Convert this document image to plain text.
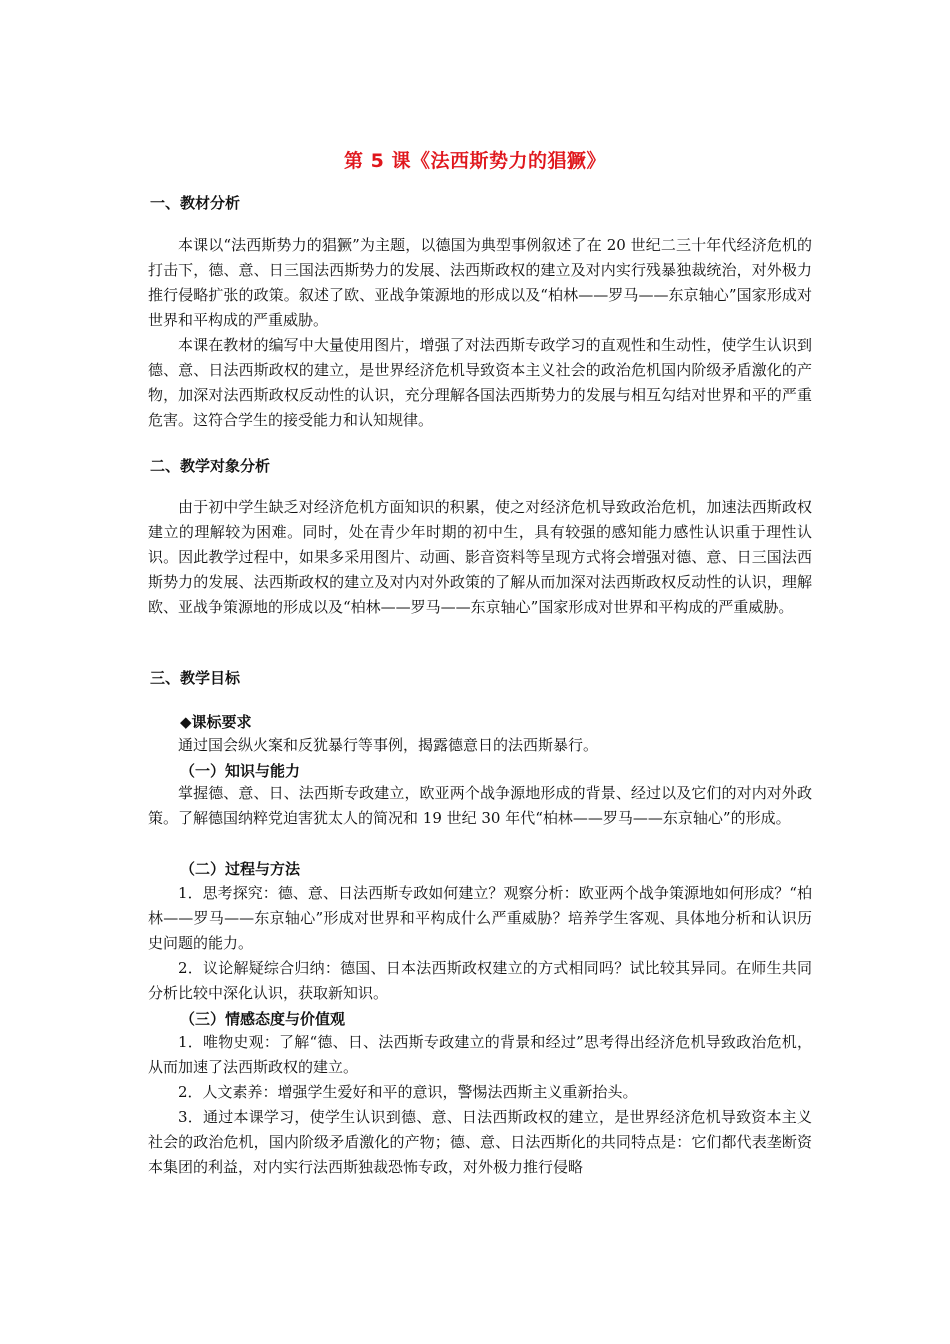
第 5 课《法西斯势力的猖獗》
一、教材分析
本课以“法西斯势力的猖獗”为主题，以德国为典型事例叙述了在 20 世纪二三十年代经济危机的打击下，德、意、日三国法西斯势力的发展、法西斯政权的建立及对内实行残暴独裁统治，对外极力推行侵略扩张的政策。叙述了欧、亚战争策源地的形成以及“柏林——罗马——东京轴心”国家形成对世界和平构成的严重威胁。
本课在教材的编写中大量使用图片，增强了对法西斯专政学习的直观性和生动性，使学生认识到德、意、日法西斯政权的建立，是世界经济危机导致资本主义社会的政治危机国内阶级矛盾激化的产物，加深对法西斯政权反动性的认识，充分理解各国法西斯势力的发展与相互勾结对世界和平的严重危害。这符合学生的接受能力和认知规律。
二、教学对象分析
由于初中学生缺乏对经济危机方面知识的积累，使之对经济危机导致政治危机，加速法西斯政权建立的理解较为困难。同时，处在青少年时期的初中生，具有较强的感知能力感性认识重于理性认识。因此教学过程中，如果多采用图片、动画、影音资料等呈现方式将会增强对德、意、日三国法西斯势力的发展、法西斯政权的建立及对内对外政策的了解从而加深对法西斯政权反动性的认识，理解欧、亚战争策源地的形成以及“柏林——罗马——东京轴心”国家形成对世界和平构成的严重威胁。
三、教学目标
◆课标要求
通过国会纵火案和反犹暴行等事例，揭露德意日的法西斯暴行。
（一）知识与能力
掌握德、意、日、法西斯专政建立，欧亚两个战争源地形成的背景、经过以及它们的对内对外政策。了解德国纳粹党迫害犹太人的简况和 19 世纪 30 年代“柏林——罗马——东京轴心”的形成。
（二）过程与方法
1．思考探究：德、意、日法西斯专政如何建立？观察分析：欧亚两个战争策源地如何形成？“柏林——罗马——东京轴心”形成对世界和平构成什么严重威胁？培养学生客观、具体地分析和认识历史问题的能力。
2．议论解疑综合归纳：德国、日本法西斯政权建立的方式相同吗？试比较其异同。在师生共同分析比较中深化认识，获取新知识。
（三）情感态度与价值观
1．唯物史观：了解“德、日、法西斯专政建立的背景和经过”思考得出经济危机导致政治危机，从而加速了法西斯政权的建立。
2．人文素养：增强学生爱好和平的意识，警惕法西斯主义重新抬头。
3．通过本课学习，使学生认识到德、意、日法西斯政权的建立，是世界经济危机导致资本主义社会的政治危机，国内阶级矛盾激化的产物；德、意、日法西斯化的共同特点是：它们都代表垄断资本集团的利益，对内实行法西斯独裁恐怖专政，对外极力推行侵略
